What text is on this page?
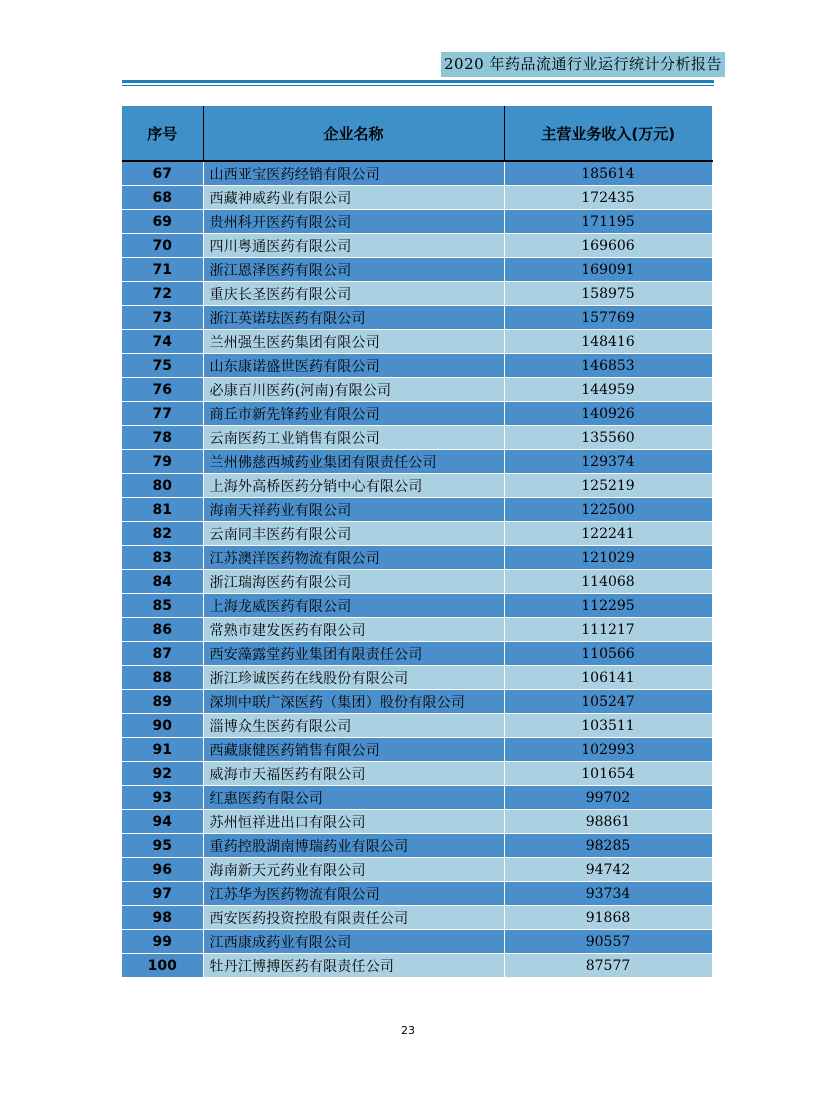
2020 年药品流通行业运行统计分析报告
序号	企业名称	主营业务收入(万元)
67	山西亚宝医药经销有限公司	185614
68	西藏神威药业有限公司	172435
69	贵州科开医药有限公司	171195
70	四川粤通医药有限公司	169606
71	浙江恩泽医药有限公司	169091
72	重庆长圣医药有限公司	158975
73	浙江英诺珐医药有限公司	157769
74	兰州强生医药集团有限公司	148416
75	山东康诺盛世医药有限公司	146853
76	必康百川医药(河南)有限公司	144959
77	商丘市新先锋药业有限公司	140926
78	云南医药工业销售有限公司	135560
79	兰州佛慈西城药业集团有限责任公司	129374
80	上海外高桥医药分销中心有限公司	125219
81	海南天祥药业有限公司	122500
82	云南同丰医药有限公司	122241
83	江苏澳洋医药物流有限公司	121029
84	浙江瑞海医药有限公司	114068
85	上海龙威医药有限公司	112295
86	常熟市建发医药有限公司	111217
87	西安藻露堂药业集团有限责任公司	110566
88	浙江珍诚医药在线股份有限公司	106141
89	深圳中联广深医药（集团）股份有限公司	105247
90	淄博众生医药有限公司	103511
91	西藏康健医药销售有限公司	102993
92	威海市天福医药有限公司	101654
93	红惠医药有限公司	99702
94	苏州恒祥进出口有限公司	98861
95	重药控股湖南博瑞药业有限公司	98285
96	海南新天元药业有限公司	94742
97	江苏华为医药物流有限公司	93734
98	西安医药投资控股有限责任公司	91868
99	江西康成药业有限公司	90557
100	牡丹江博搏医药有限责任公司	87577
23
